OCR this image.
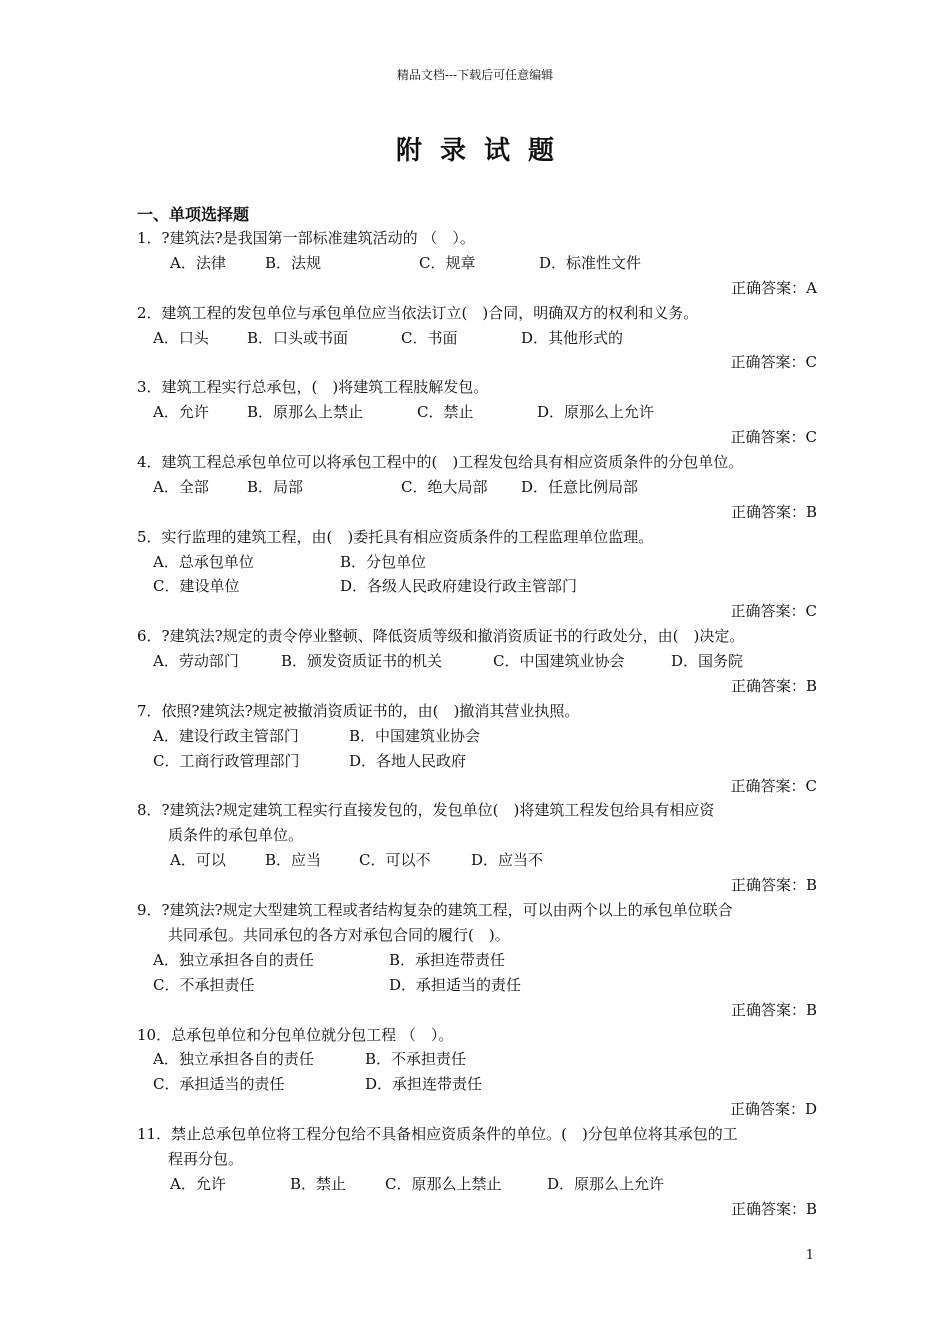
精品文档---下载后可任意编辑
附录试题
一、单项选择题
1．?建筑法?是我国第一部标准建筑活动的 （　）。
A．法律	B．法规	C．规章	D．标准性文件
正确答案：A
2．建筑工程的发包单位与承包单位应当依法订立(　)合同，明确双方的权利和义务。
A．口头	B．口头或书面	C．书面	D．其他形式的
正确答案：C
3．建筑工程实行总承包，(　)将建筑工程肢解发包。
A．允许	B．原那么上禁止	C．禁止	D．原那么上允许
正确答案：C
4．建筑工程总承包单位可以将承包工程中的(　)工程发包给具有相应资质条件的分包单位。
A．全部	B．局部	C．绝大局部 D．任意比例局部
正确答案：B
5．实行监理的建筑工程，由(　)委托具有相应资质条件的工程监理单位监理。
A．总承包单位	B．分包单位
C．建设单位	D．各级人民政府建设行政主管部门
正确答案：C
6．?建筑法?规定的责令停业整顿、降低资质等级和撤消资质证书的行政处分，由(　)决定。
A．劳动部门	B．颁发资质证书的机关	C．中国建筑业协会	D．国务院
正确答案：B
7．依照?建筑法?规定被撤消资质证书的，由(　)撤消其营业执照。
A．建设行政主管部门	B．中国建筑业协会
C．工商行政管理部门	D．各地人民政府
正确答案：C
8．?建筑法?规定建筑工程实行直接发包的，发包单位(　)将建筑工程发包给具有相应资
质条件的承包单位。
A．可以	B．应当	C．可以不	D．应当不
正确答案：B
9．?建筑法?规定大型建筑工程或者结构复杂的建筑工程，可以由两个以上的承包单位联合
共同承包。共同承包的各方对承包合同的履行(　)。
A．独立承担各自的责任	B．承担连带责任
C．不承担责任	D．承担适当的责任
正确答案：B
10．总承包单位和分包单位就分包工程 （　）。
A．独立承担各自的责任	B．不承担责任
C．承担适当的责任	D．承担连带责任
正确答案：D
11．禁止总承包单位将工程分包给不具备相应资质条件的单位。(　)分包单位将其承包的工
程再分包。
A．允许	B．禁止	C．原那么上禁止	D．原那么上允许
正确答案：B
1
